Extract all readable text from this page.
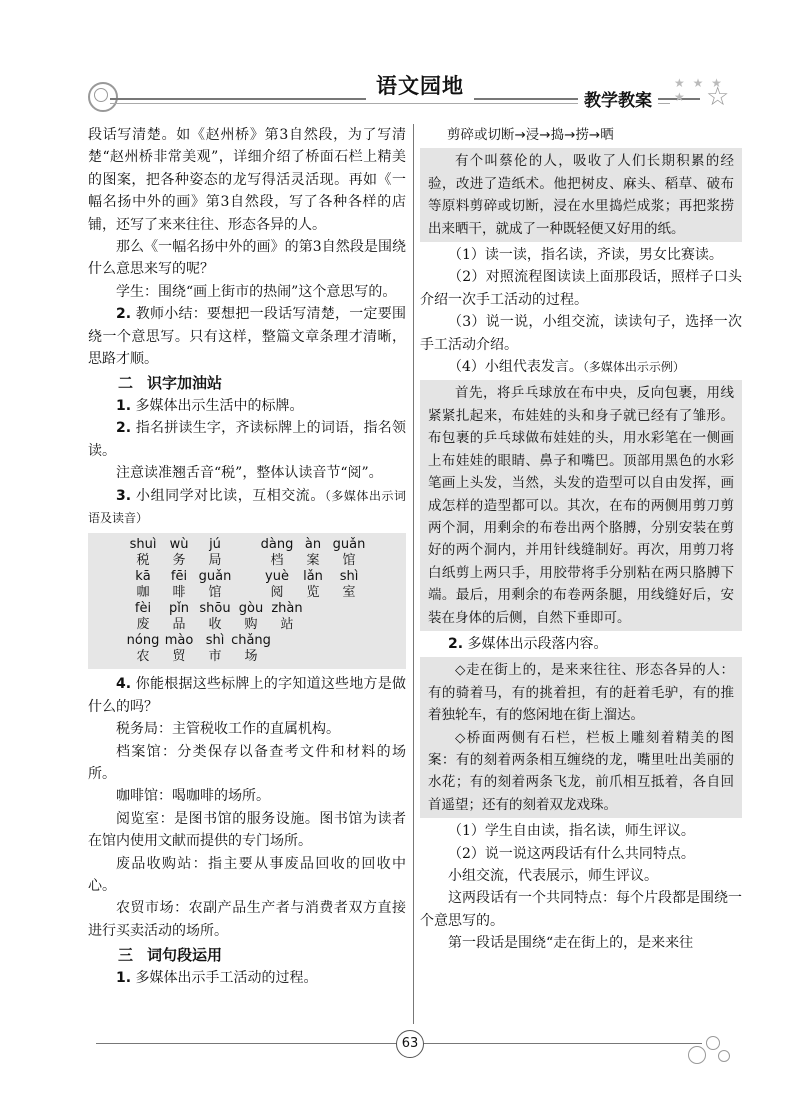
语文园地
教学教案
★ ★ ★ ★ ☆

段话写清楚。如《赵州桥》第3自然段，为了写清楚“赵州桥非常美观”，详细介绍了桥面石栏上精美的图案，把各种姿态的龙写得活灵活现。再如《一幅名扬中外的画》第3自然段，写了各种各样的店铺，还写了来来往往、形态各异的人。

那么《一幅名扬中外的画》的第3自然段是围绕什么意思来写的呢？

学生：围绕“画上街市的热闹”这个意思写的。

2. 教师小结：要想把一段话写清楚，一定要围绕一个意思写。只有这样，整篇文章条理才清晰，思路才顺。

二 识字加油站

1. 多媒体出示生活中的标牌。

2. 指名拼读生字，齐读标牌上的词语，指名领读。

注意读准翘舌音“税”，整体认读音节“阅”。

3. 小组同学对比读，互相交流。（多媒体出示词语及读音）

shuì
税
wù
务
jú
局
dàng
档
àn
案
guǎn
馆
kā
咖
fēi
啡
guǎn
馆
yuè
阅
lǎn
览
shì
室
fèi
废
pǐn
品
shōu
收
gòu
购
zhàn
站
nóng
农
mào
贸
shì
市
chǎng
场

4. 你能根据这些标牌上的字知道这些地方是做什么的吗？

税务局：主管税收工作的直属机构。

档案馆：分类保存以备查考文件和材料的场所。

咖啡馆：喝咖啡的场所。

阅览室：是图书馆的服务设施。图书馆为读者在馆内使用文献而提供的专门场所。

废品收购站：指主要从事废品回收的回收中心。

农贸市场：农副产品生产者与消费者双方直接进行买卖活动的场所。

三 词句段运用

1. 多媒体出示手工活动的过程。

剪碎或切断→浸→捣→捞→晒

有个叫蔡伦的人，吸收了人们长期积累的经验，改进了造纸术。他把树皮、麻头、稻草、破布等原料剪碎或切断，浸在水里捣烂成浆；再把浆捞出来晒干，就成了一种既轻便又好用的纸。

（1）读一读，指名读，齐读，男女比赛读。

（2）对照流程图读读上面那段话，照样子口头介绍一次手工活动的过程。

（3）说一说，小组交流，读读句子，选择一次手工活动介绍。

（4）小组代表发言。（多媒体出示示例）

首先，将乒乓球放在布中央，反向包裹，用线紧紧扎起来，布娃娃的头和身子就已经有了雏形。布包裹的乒乓球做布娃娃的头，用水彩笔在一侧画上布娃娃的眼睛、鼻子和嘴巴。顶部用黑色的水彩笔画上头发，当然，头发的造型可以自由发挥，画成怎样的造型都可以。其次，在布的两侧用剪刀剪两个洞，用剩余的布卷出两个胳膊，分别安装在剪好的两个洞内，并用针线缝制好。再次，用剪刀将白纸剪上两只手，用胶带将手分别粘在两只胳膊下端。最后，用剩余的布卷两条腿，用线缝好后，安装在身体的后侧，自然下垂即可。

2. 多媒体出示段落内容。

◇走在街上的，是来来往往、形态各异的人：有的骑着马，有的挑着担，有的赶着毛驴，有的推着独轮车，有的悠闲地在街上溜达。

◇桥面两侧有石栏，栏板上雕刻着精美的图案：有的刻着两条相互缠绕的龙，嘴里吐出美丽的水花；有的刻着两条飞龙，前爪相互抵着，各自回首遥望；还有的刻着双龙戏珠。

（1）学生自由读，指名读，师生评议。

（2）说一说这两段话有什么共同特点。

小组交流，代表展示，师生评议。

这两段话有一个共同特点：每个片段都是围绕一个意思写的。

第一段话是围绕“走在街上的，是来来往

63
